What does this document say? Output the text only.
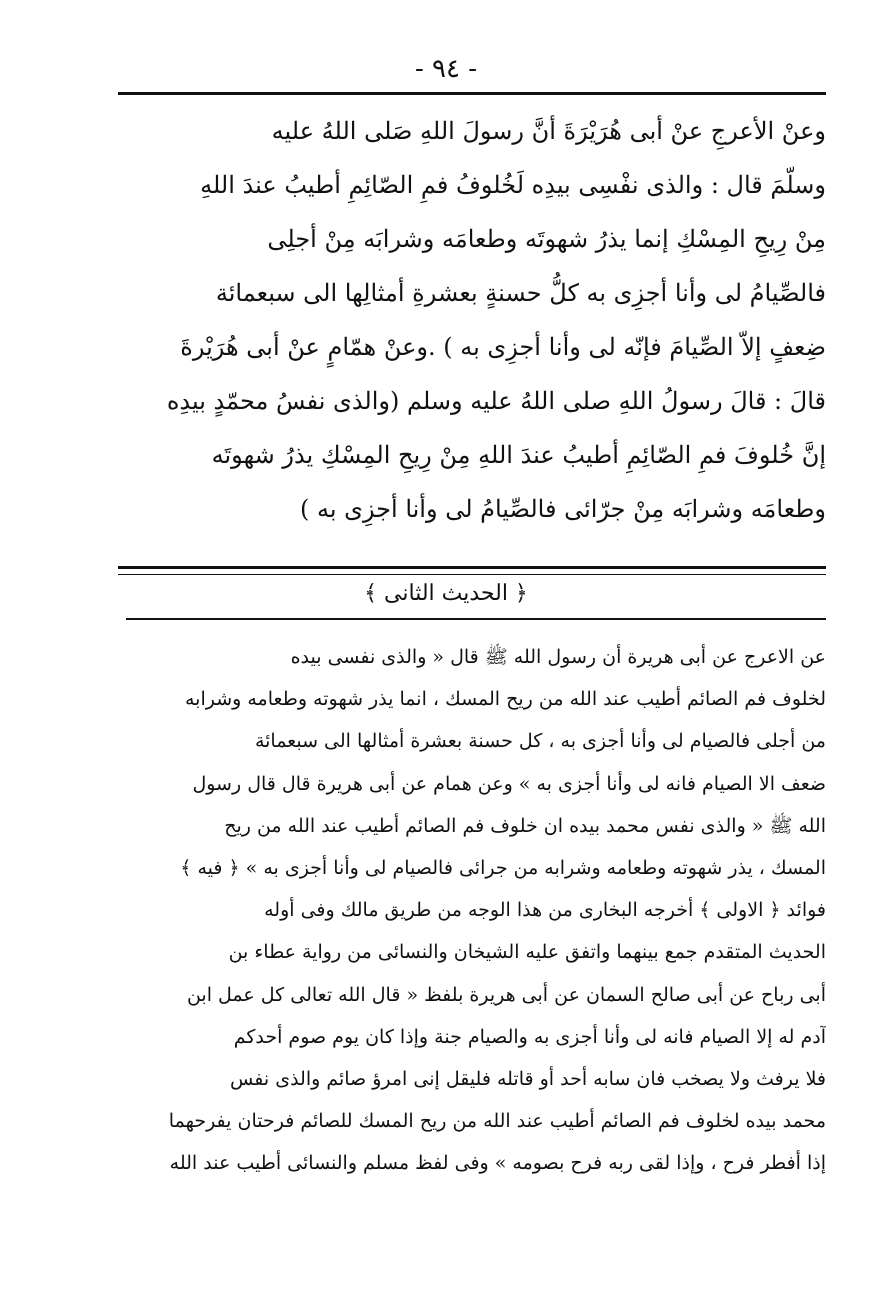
- ٩٤ -
وعنْ الأعرجِ عنْ أبى هُرَيْرَةَ أنَّ رسولَ اللهِ صَلى اللهُ عليه
وسلّمَ قال : والذى نفْسِى بيدِه لَخُلوفُ فمِ الصّائِمِ أطيبُ عندَ اللهِ
مِنْ رِيحِ المِسْكِ إنما يذرُ شهوتَه وطعامَه وشرابَه مِنْ أجلِى
فالصِّيامُ لى وأنا أجزِى به كلُّ حسنةٍ بعشرةِ أمثالِها الى سبعمائة
ضِعفٍ إلاّ الصِّيامَ فإنّه لى وأنا أجزِى به ) .وعنْ همّامٍ عنْ أبى هُرَيْرةَ
قالَ : قالَ رسولُ اللهِ صلى اللهُ عليه وسلم (والذى نفسُ محمّدٍ بيدِه
إنَّ خُلوفَ فمِ الصّائِمِ أطيبُ عندَ اللهِ مِنْ رِيحِ المِسْكِ يذرُ شهوتَه
وطعامَه وشرابَه مِنْ جرّائى فالصِّيامُ لى وأنا أجزِى به )
﴿ الحديث الثانى ﴾
عن الاعرج عن أبى هريرة أن رسول الله ﷺ قال « والذى نفسى بيده
لخلوف فم الصائم أطيب عند الله من ريح المسك ، انما يذر شهوته وطعامه وشرابه
من أجلى فالصيام لى وأنا أجزى به ، كل حسنة بعشرة أمثالها الى سبعمائة
ضعف الا الصيام فانه لى وأنا أجزى به » وعن همام عن أبى هريرة قال قال رسول
الله ﷺ « والذى نفس محمد بيده ان خلوف فم الصائم أطيب عند الله من ريح
المسك ، يذر شهوته وطعامه وشرابه من جرائى فالصيام لى وأنا أجزى به » ﴿ فيه ﴾
فوائد ﴿ الاولى ﴾ أخرجه البخارى من هذا الوجه من طريق مالك وفى أوله
الحديث المتقدم جمع بينهما واتفق عليه الشيخان والنسائى من رواية عطاء بن
أبى رباح عن أبى صالح السمان عن أبى هريرة بلفظ « قال الله تعالى كل عمل ابن
آدم له إلا الصيام فانه لى وأنا أجزى به والصيام جنة وإذا كان يوم صوم أحدكم
فلا يرفث ولا يصخب فان سابه أحد أو قاتله فليقل إنى امرؤ صائم والذى نفس
محمد بيده لخلوف فم الصائم أطيب عند الله من ريح المسك للصائم فرحتان يفرحهما
إذا أفطر فرح ، وإذا لقى ربه فرح بصومه » وفى لفظ مسلم والنسائى أطيب عند الله
